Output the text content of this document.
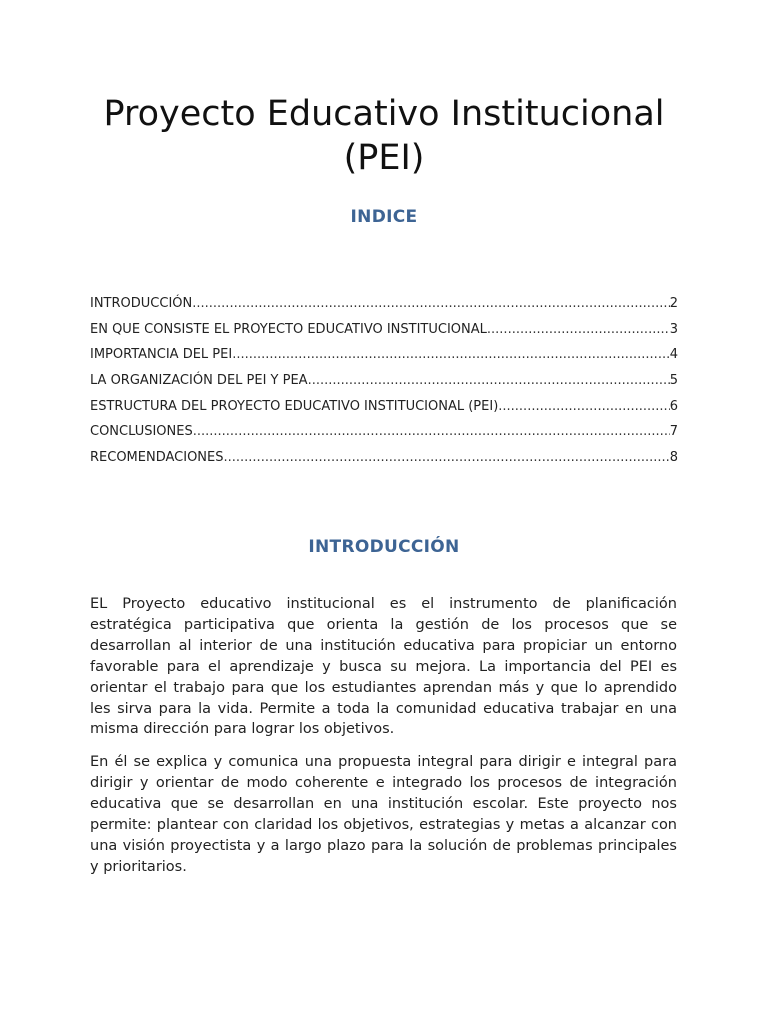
Proyecto Educativo Institucional (PEI)
INDICE
INTRODUCCIÓN .....	2
EN QUE CONSISTE EL PROYECTO EDUCATIVO INSTITUCIONAL .....	3
IMPORTANCIA DEL PEI .....	4
LA ORGANIZACIÓN DEL PEI Y PEA .....	5
ESTRUCTURA DEL PROYECTO EDUCATIVO INSTITUCIONAL (PEI) .....	6
CONCLUSIONES .....	7
RECOMENDACIONES .....	8
INTRODUCCIÓN

EL Proyecto educativo institucional es el instrumento de planificación estratégica participativa que orienta la gestión de los procesos que se desarrollan al interior de una institución educativa para propiciar un entorno favorable para el aprendizaje y busca su mejora. La importancia del PEI es orientar el trabajo para que los estudiantes aprendan más y que lo aprendido les sirva para la vida. Permite a toda la comunidad educativa trabajar en una misma dirección para lograr los objetivos.

En él se explica y comunica una propuesta integral para dirigir e integral para dirigir y orientar de modo coherente e integrado los procesos de integración educativa que se desarrollan en una institución escolar. Este proyecto nos permite: plantear con claridad los objetivos, estrategias y metas a alcanzar con una visión proyectista y a largo plazo para la solución de problemas principales y prioritarios.
